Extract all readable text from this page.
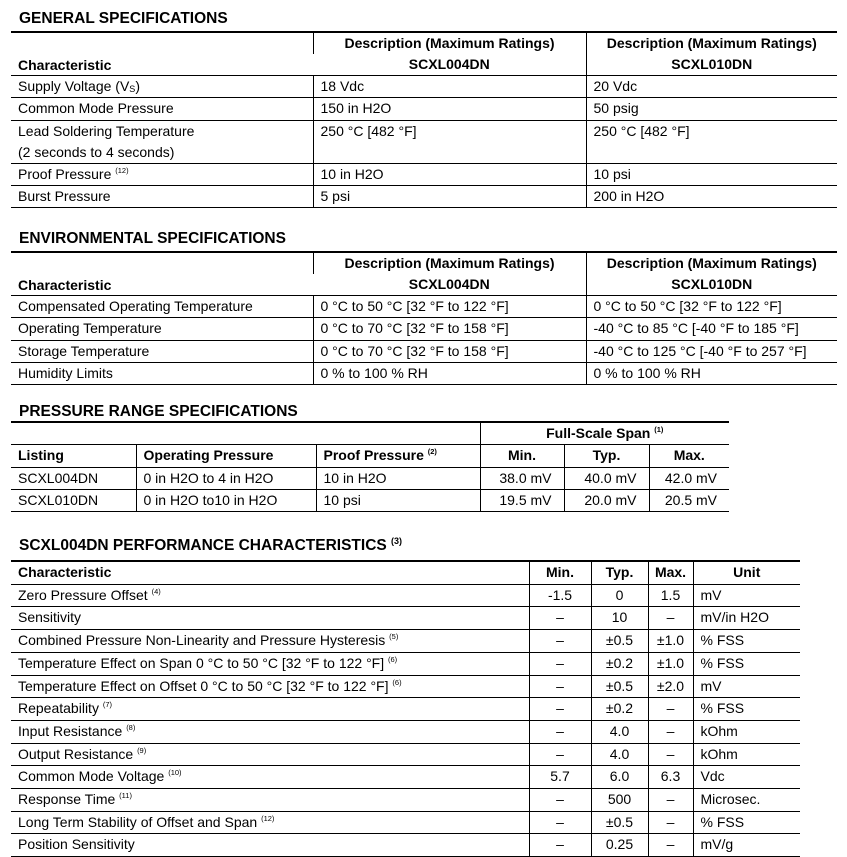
GENERAL SPECIFICATIONS
Characteristic	Description (Maximum Ratings)	Description (Maximum Ratings)
	SCXL004DN	SCXL010DN
Supply Voltage $(V_S)$	18 Vdc	20 Vdc
Common Mode Pressure	150 in H2O	50 psig
Lead Soldering Temperature
(2 seconds to 4 seconds)	250 °C [482 °F]	250 °C [482 °F]
Proof Pressure $^{(12)}$	10 in H2O	10 psi
Burst Pressure	5 psi	200 in H2O
ENVIRONMENTAL SPECIFICATIONS
Characteristic	Description (Maximum Ratings)	Description (Maximum Ratings)
	SCXL004DN	SCXL010DN
Compensated Operating Temperature	0 °C to 50 °C [32 °F to 122 °F]	0 °C to 50 °C [32 °F to 122 °F]
Operating Temperature	0 °C to 70 °C [32 °F to 158 °F]	-40 °C to 85 °C [-40 °F to 185 °F]
Storage Temperature	0 °C to 70 °C [32 °F to 158 °F]	-40 °C to 125 °C [-40 °F to 257 °F]
Humidity Limits	0 % to 100 % RH	0 % to 100 % RH
PRESSURE RANGE SPECIFICATIONS
			Full-Scale Span $^{(1)}$
Listing	Operating Pressure	Proof Pressure $^{(2)}$	Min.	Typ.	Max.
SCXL004DN	0 in H2O to 4 in H2O	10 in H2O	38.0 mV	40.0 mV	42.0 mV
SCXL010DN	0 in H2O to10 in H2O	10 psi	19.5 mV	20.0 mV	20.5 mV
SCXL004DN PERFORMANCE CHARACTERISTICS $^{(3)}$
Characteristic	Min.	Typ.	Max.	Unit
Zero Pressure Offset $^{(4)}$	-1.5	0	1.5	mV
Sensitivity	–	10	–	mV/in H2O
Combined Pressure Non-Linearity and Pressure Hysteresis $^{(5)}$	–	±0.5	±1.0	% FSS
Temperature Effect on Span 0 °C to 50 °C [32 °F to 122 °F] $^{(6)}$	–	±0.2	±1.0	% FSS
Temperature Effect on Offset 0 °C to 50 °C [32 °F to 122 °F] $^{(6)}$	–	±0.5	±2.0	mV
Repeatability $^{(7)}$	–	±0.2	–	% FSS
Input Resistance $^{(8)}$	–	4.0	–	kOhm
Output Resistance $^{(9)}$	–	4.0	–	kOhm
Common Mode Voltage $^{(10)}$	5.7	6.0	6.3	Vdc
Response Time $^{(11)}$	–	500	–	Microsec.
Long Term Stability of Offset and Span $^{(12)}$	–	±0.5	–	% FSS
Position Sensitivity	–	0.25	–	mV/g
